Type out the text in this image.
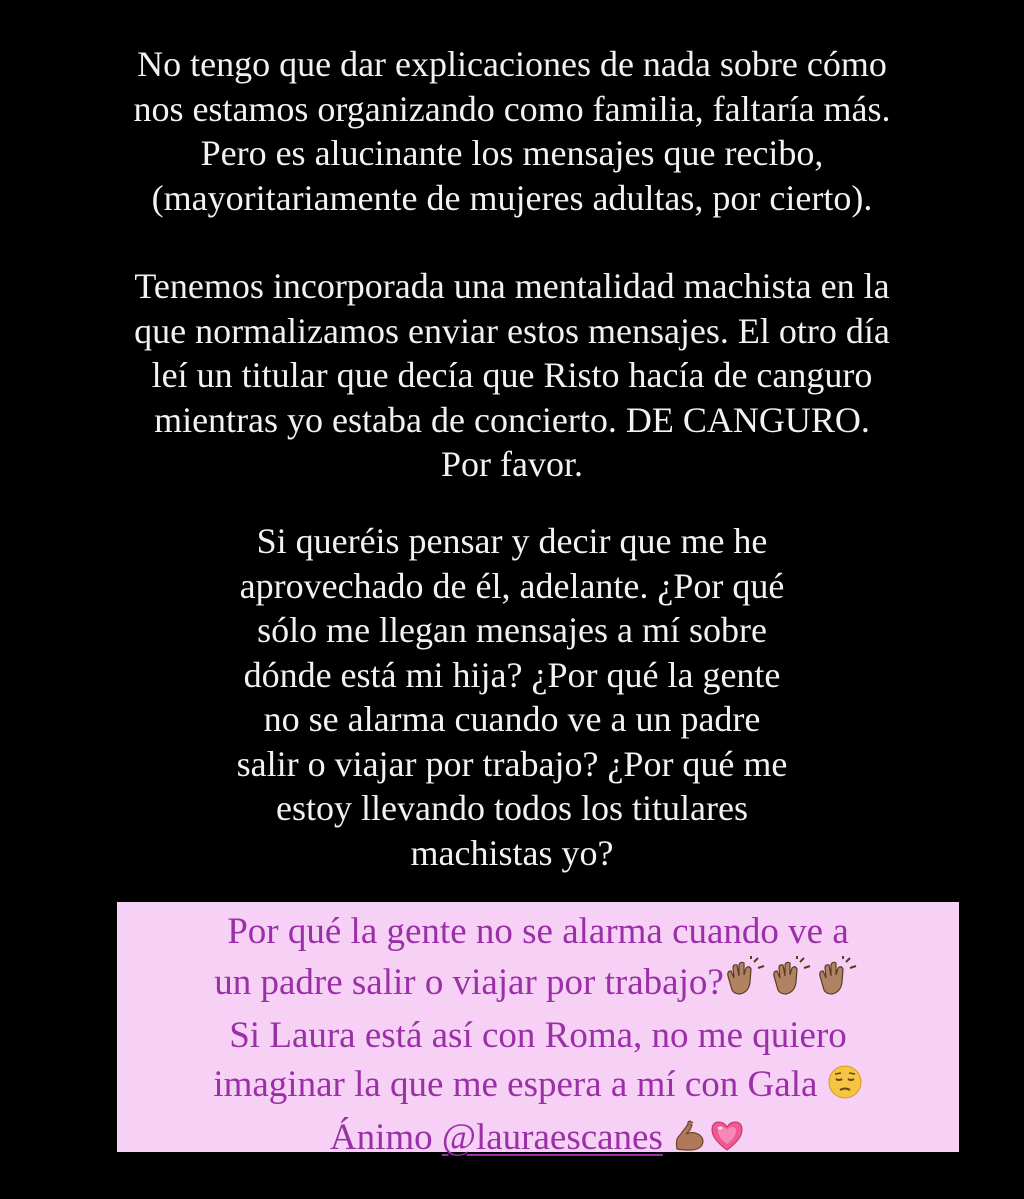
No tengo que dar explicaciones de nada sobre cómo
nos estamos organizando como familia, faltaría más.
Pero es alucinante los mensajes que recibo,
(mayoritariamente de mujeres adultas, por cierto).
Tenemos incorporada una mentalidad machista en la
que normalizamos enviar estos mensajes. El otro día
leí un titular que decía que Risto hacía de canguro
mientras yo estaba de concierto. DE CANGURO.
Por favor.
Si queréis pensar y decir que me he
aprovechado de él, adelante. ¿Por qué
sólo me llegan mensajes a mí sobre
dónde está mi hija? ¿Por qué la gente
no se alarma cuando ve a un padre
salir o viajar por trabajo? ¿Por qué me
estoy llevando todos los titulares
machistas yo?
Por qué la gente no se alarma cuando ve a
un padre salir o viajar por trabajo?
Si Laura está así con Roma, no me quiero
imaginar la que me espera a mí con Gala
Ánimo @lauraescanes
